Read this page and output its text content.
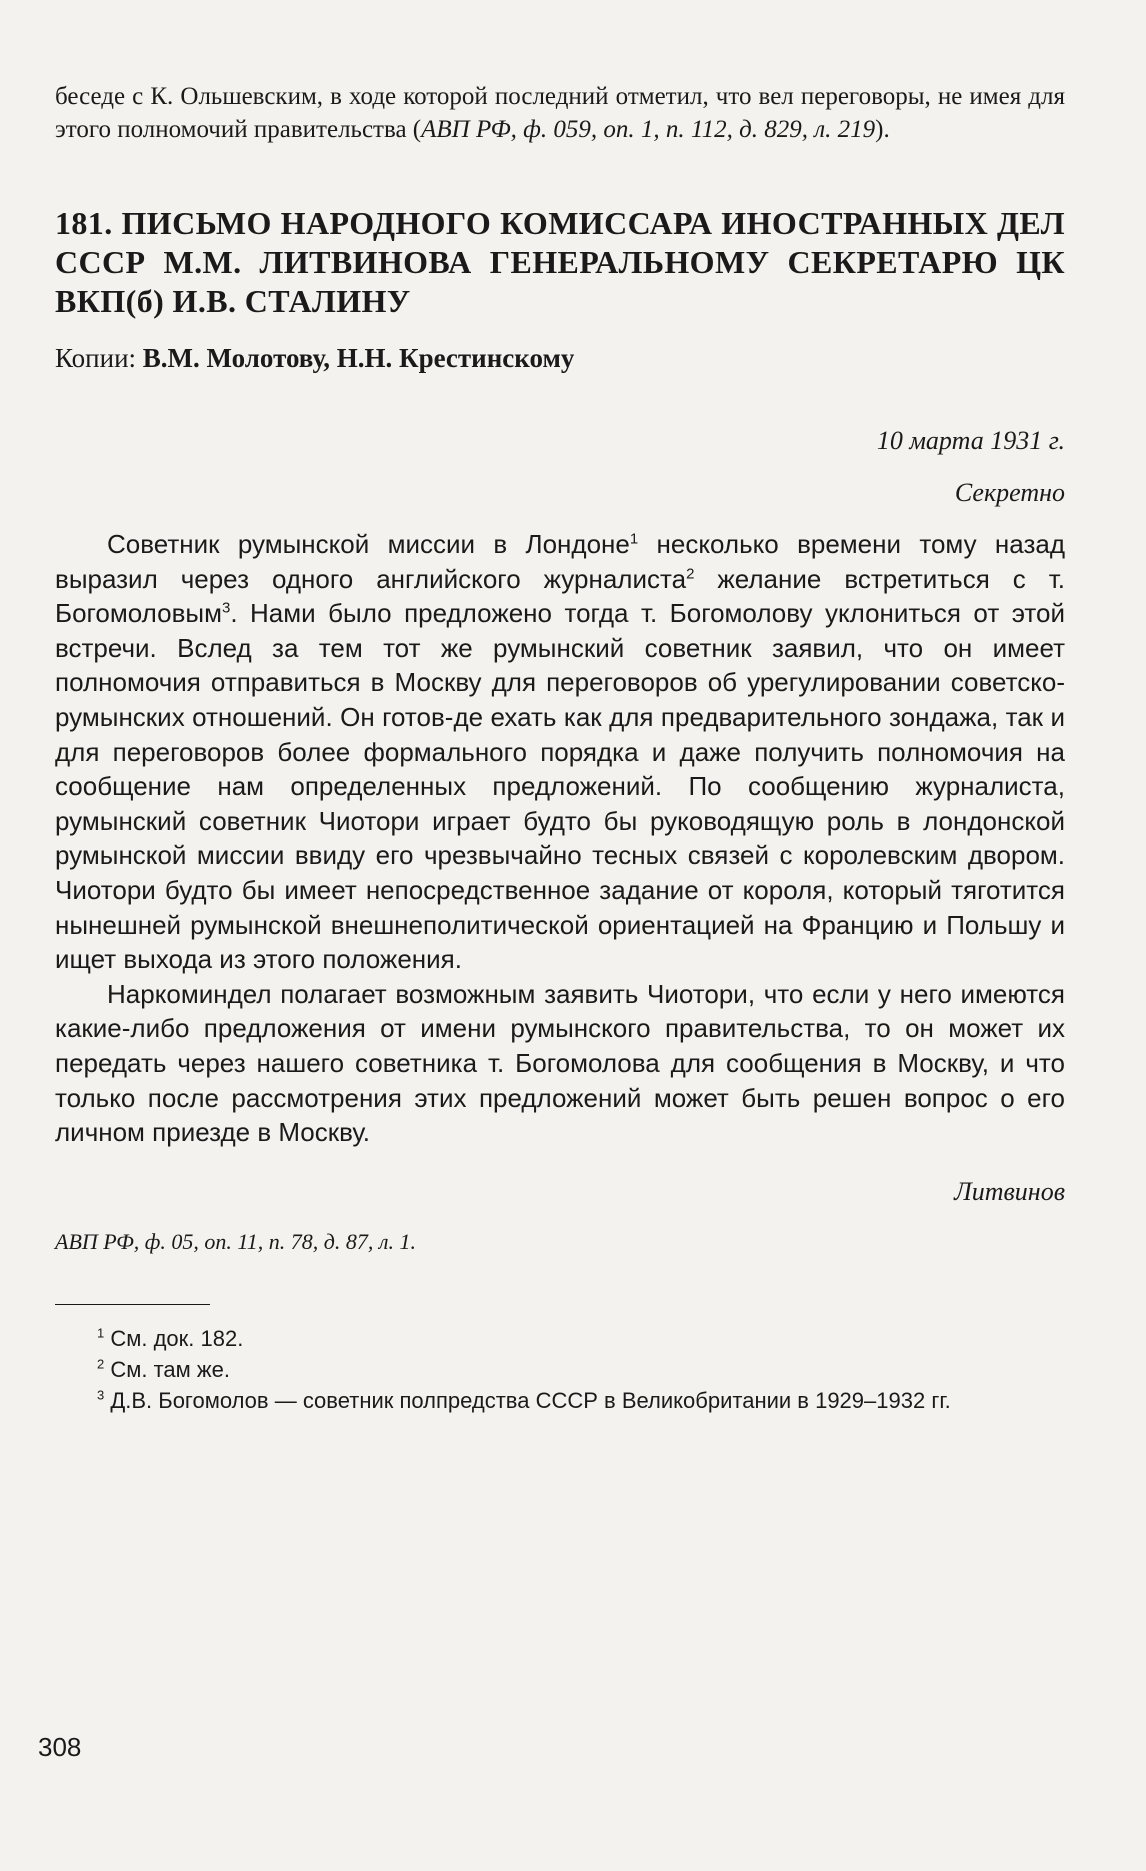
беседе с К. Ольшевским, в ходе которой последний отметил, что вел переговоры, не имея для этого полномочий правительства (АВП РФ, ф. 059, оп. 1, п. 112, д. 829, л. 219).

181. ПИСЬМО НАРОДНОГО КОМИССАРА ИНОСТРАННЫХ ДЕЛ СССР М.М. ЛИТВИНОВА ГЕНЕРАЛЬНОМУ СЕКРЕТАРЮ ЦК ВКП(б) И.В. СТАЛИНУ

Копии: В.М. Молотову, Н.Н. Крестинскому

10 марта 1931 г.

Секретно

Советник румынской миссии в Лондоне$^1$ несколько времени тому назад выразил через одного английского журналиста$^2$ желание встретиться с т. Богомоловым$^3$. Нами было предложено тогда т. Богомолову уклониться от этой встречи. Вслед за тем тот же румынский советник заявил, что он имеет полномочия отправиться в Москву для переговоров об урегулировании советско-румынских отношений. Он готов-де ехать как для предварительного зондажа, так и для переговоров более формального порядка и даже получить полномочия на сообщение нам определенных предложений. По сообщению журналиста, румынский советник Чиотори играет будто бы руководящую роль в лондонской румынской миссии ввиду его чрезвычайно тесных связей с королевским двором. Чиотори будто бы имеет непосредственное задание от короля, который тяготится нынешней румынской внешнеполитической ориентацией на Францию и Польшу и ищет выхода из этого положения.

Наркоминдел полагает возможным заявить Чиотори, что если у него имеются какие-либо предложения от имени румынского правительства, то он может их передать через нашего советника т. Богомолова для сообщения в Москву, и что только после рассмотрения этих предложений может быть решен вопрос о его личном приезде в Москву.

Литвинов

АВП РФ, ф. 05, оп. 11, п. 78, д. 87, л. 1.

$^1$ См. док. 182.

$^2$ См. там же.

$^3$ Д.В. Богомолов — советник полпредства СССР в Великобритании в 1929–1932 гг.

308
